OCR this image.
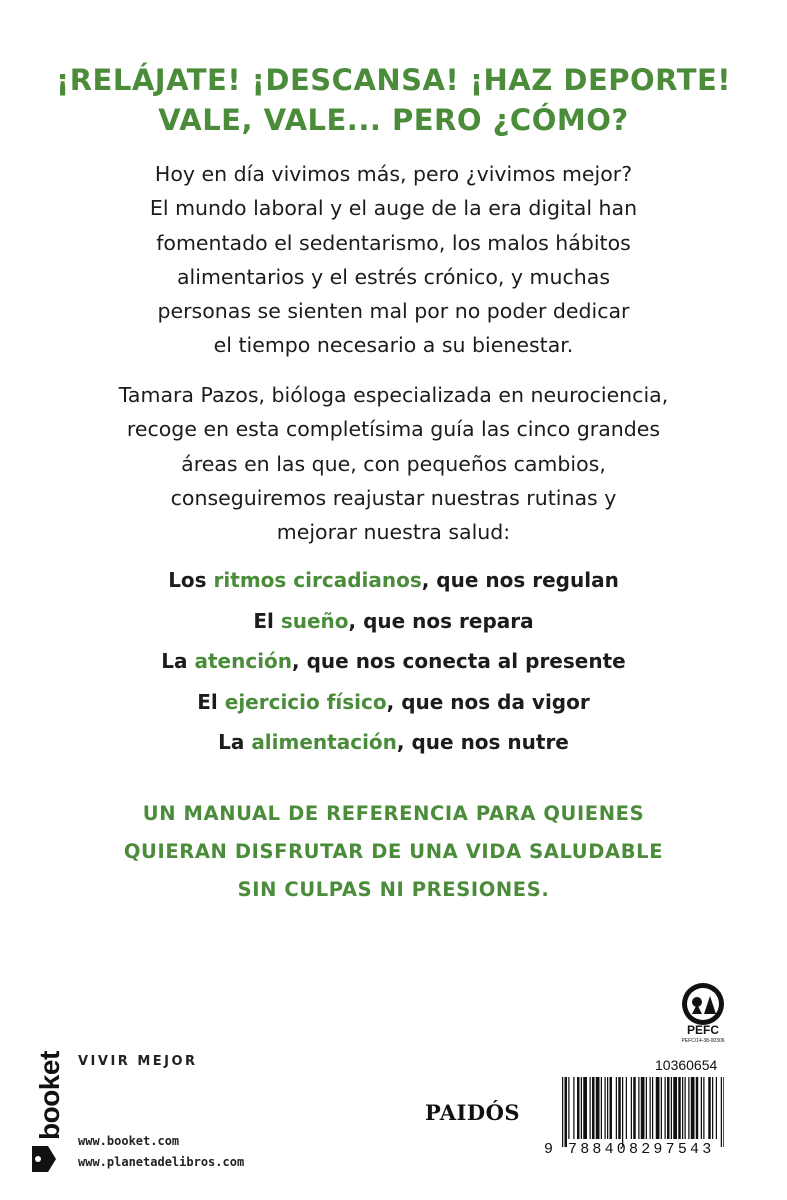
¡RELÁJATE! ¡DESCANSA! ¡HAZ DEPORTE!
VALE, VALE... PERO ¿CÓMO?
Hoy en día vivimos más, pero ¿vivimos mejor?
El mundo laboral y el auge de la era digital han
fomentado el sedentarismo, los malos hábitos
alimentarios y el estrés crónico, y muchas
personas se sienten mal por no poder dedicar
el tiempo necesario a su bienestar.
Tamara Pazos, bióloga especializada en neurociencia,
recoge en esta completísima guía las cinco grandes
áreas en las que, con pequeños cambios,
conseguiremos reajustar nuestras rutinas y
mejorar nuestra salud:
Los ritmos circadianos, que nos regulan
El sueño, que nos repara
La atención, que nos conecta al presente
El ejercicio físico, que nos da vigor
La alimentación, que nos nutre
UN MANUAL DE REFERENCIA PARA QUIENES
QUIERAN DISFRUTAR DE UNA VIDA SALUDABLE
SIN CULPAS NI PRESIONES.
booket VIVIR MEJOR
www.booket.com
www.planetadelibros.com
PAIDÓS
PEFC
PEFC/14-38-00306
10360654
9 788408297543
